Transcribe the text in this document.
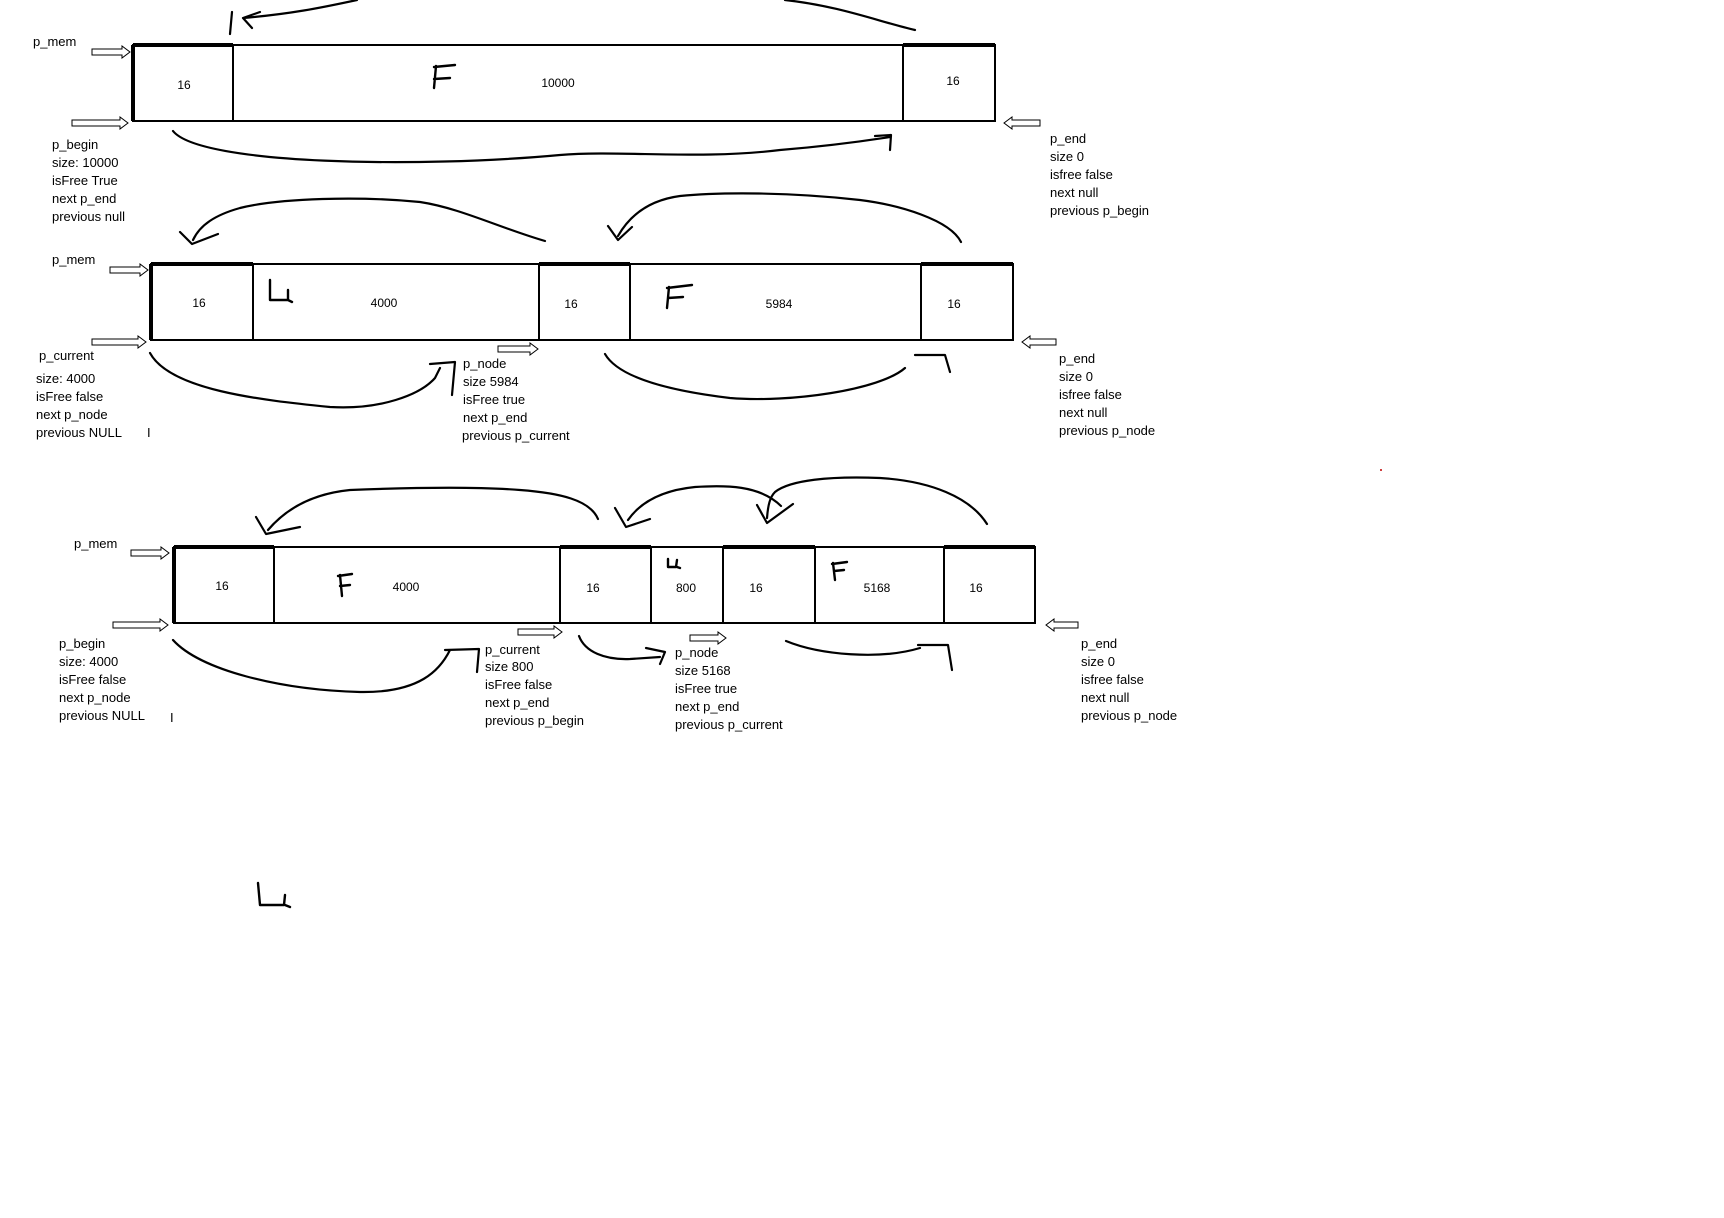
16	10000	16
p_mem
p_begin
size: 10000
isFree True
next p_end
previous null
p_end
size 0
isfree false
next null
previous p_begin
16	4000	16	5984	16
p_mem
p_current
size: 4000
isFree false
next p_node
previous NULL
p_node
size 5984
isFree true
next p_end
previous p_current
p_end
size 0
isfree false
next null
previous p_node
16	4000	16	800	16	5168	16
p_mem
p_begin
size: 4000
isFree false
next p_node
previous NULL
p_current
size 800
isFree false
next p_end
previous p_begin
p_node
size 5168
isFree true
next p_end
previous p_current
p_end
size 0
isfree false
next null
previous p_node
I
I
